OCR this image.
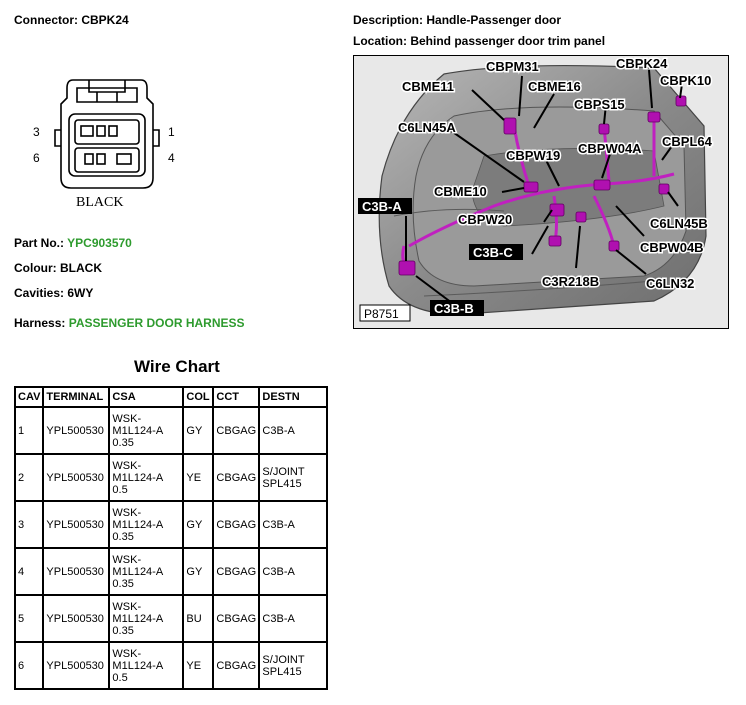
Connector: CBPK24	Description: Handle-Passenger door
Location: Behind passenger door trim panel
3	1
6	4
BLACK
Part No.: YPC903570
Colour: BLACK
Cavities: 6WY
Harness: PASSENGER DOOR HARNESS
Wire Chart
CAV	TERMINAL	CSA	COL	CCT	DESTN
1	YPL500530	WSK-M1L124-A 0.35	GY	CBGAG	C3B-A
2	YPL500530	WSK-M1L124-A 0.5	YE	CBGAG	S/JOINT SPL415
3	YPL500530	WSK-M1L124-A 0.35	GY	CBGAG	C3B-A
4	YPL500530	WSK-M1L124-A 0.35	GY	CBGAG	C3B-A
5	YPL500530	WSK-M1L124-A 0.35	BU	CBGAG	C3B-A
6	YPL500530	WSK-M1L124-A 0.5	YE	CBGAG	S/JOINT SPL415
CBPM31	CBPK24
CBME11	CBME16	CBPK10
CBPS15
C6LN45A
CBPL64
CBPW19 CBPW04A
CBME10
CBPW20	C6LN45B
CBPW04B
C3R218B	C6LN32
C3B-A
C3B-C
C3B-B
P8751
